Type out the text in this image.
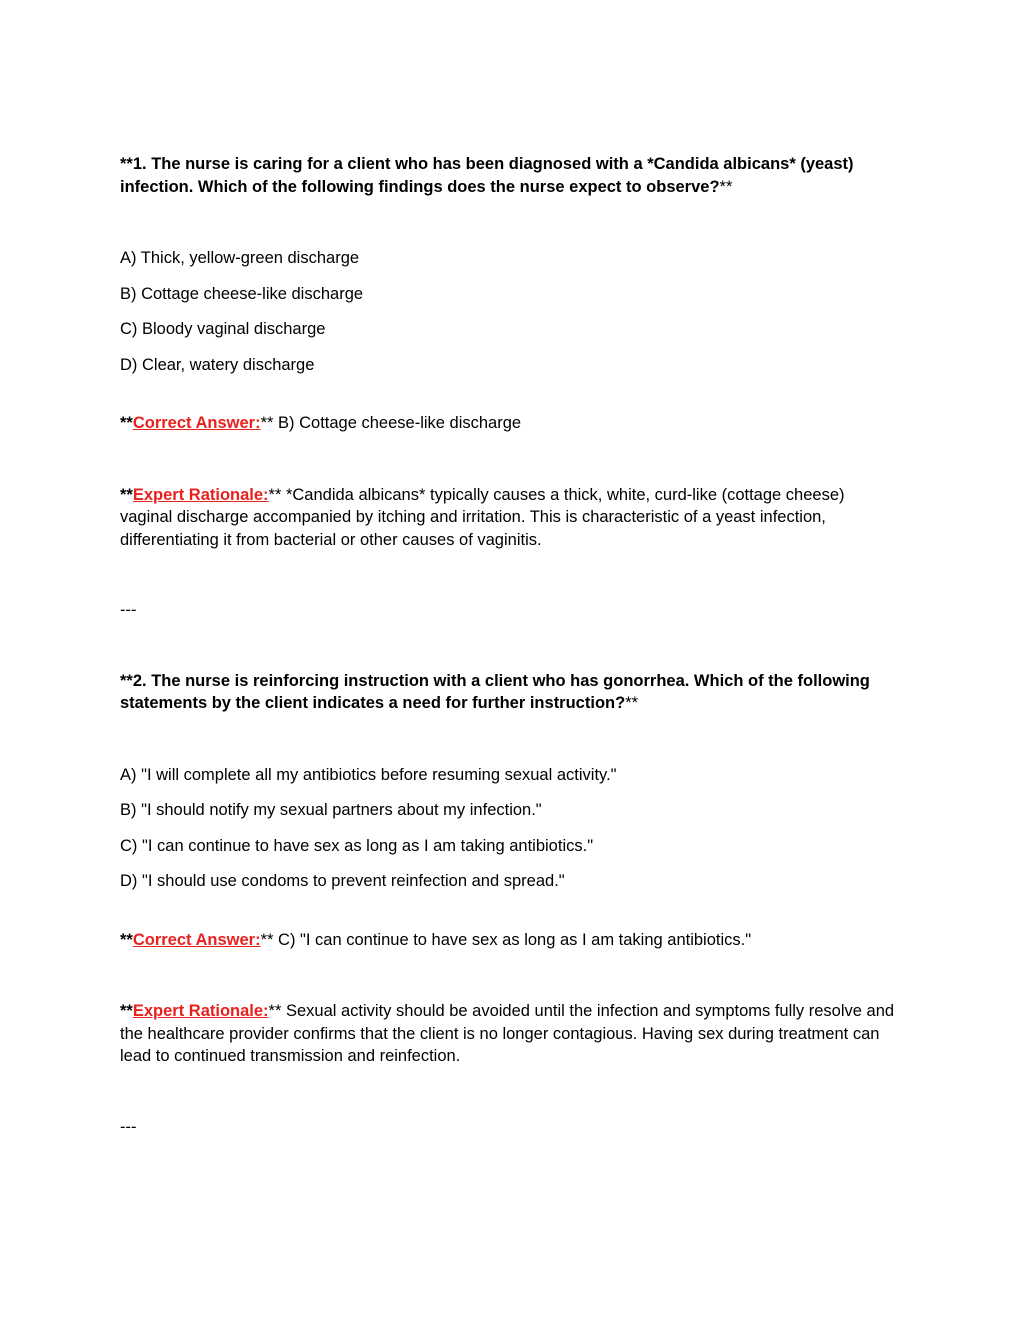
**1. The nurse is caring for a client who has been diagnosed with a *Candida albicans* (yeast) infection. Which of the following findings does the nurse expect to observe?**

A) Thick, yellow-green discharge

B) Cottage cheese-like discharge

C) Bloody vaginal discharge

D) Clear, watery discharge

**Correct Answer:** B) Cottage cheese-like discharge

**Expert Rationale:** *Candida albicans* typically causes a thick, white, curd-like (cottage cheese) vaginal discharge accompanied by itching and irritation. This is characteristic of a yeast infection, differentiating it from bacterial or other causes of vaginitis.

---

**2. The nurse is reinforcing instruction with a client who has gonorrhea. Which of the following statements by the client indicates a need for further instruction?**

A) "I will complete all my antibiotics before resuming sexual activity."

B) "I should notify my sexual partners about my infection."

C) "I can continue to have sex as long as I am taking antibiotics."

D) "I should use condoms to prevent reinfection and spread."

**Correct Answer:** C) "I can continue to have sex as long as I am taking antibiotics."

**Expert Rationale:** Sexual activity should be avoided until the infection and symptoms fully resolve and the healthcare provider confirms that the client is no longer contagious. Having sex during treatment can lead to continued transmission and reinfection.

---
